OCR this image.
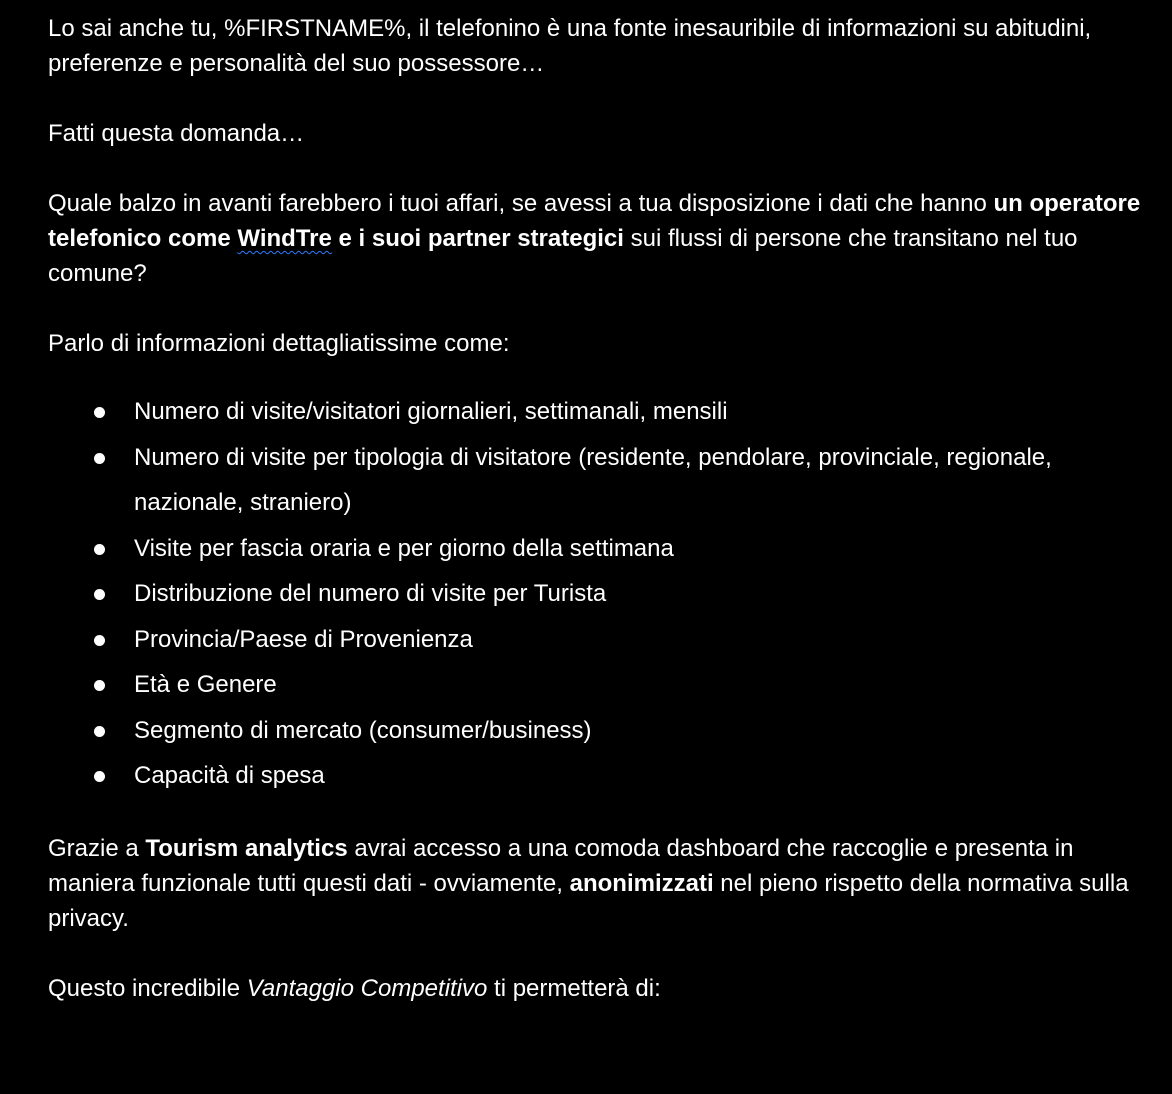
Lo sai anche tu, %FIRSTNAME%, il telefonino è una fonte inesauribile di informazioni su abitudini, preferenze e personalità del suo possessore…

Fatti questa domanda…

Quale balzo in avanti farebbero i tuoi affari, se avessi a tua disposizione i dati che hanno un operatore telefonico come WindTre e i suoi partner strategici sui flussi di persone che transitano nel tuo comune?

Parlo di informazioni dettagliatissime come:

Numero di visite/visitatori giornalieri, settimanali, mensili
Numero di visite per tipologia di visitatore (residente, pendolare, provinciale, regionale, nazionale, straniero)
Visite per fascia oraria e per giorno della settimana
Distribuzione del numero di visite per Turista
Provincia/Paese di Provenienza
Età e Genere
Segmento di mercato (consumer/business)
Capacità di spesa

Grazie a Tourism analytics avrai accesso a una comoda dashboard che raccoglie e presenta in maniera funzionale tutti questi dati - ovviamente, anonimizzati nel pieno rispetto della normativa sulla privacy.

Questo incredibile Vantaggio Competitivo ti permetterà di:
